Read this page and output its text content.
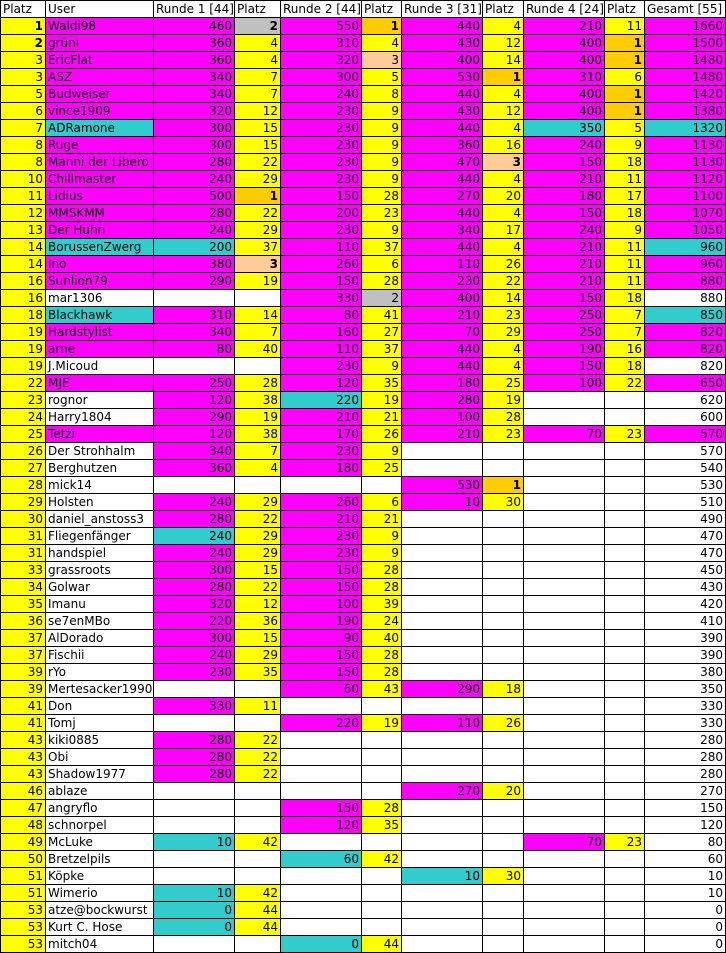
Platz	User	Runde 1 [44]	Platz	Runde 2 [44]	Platz	Runde 3 [31]	Platz	Runde 4 [24]	Platz	Gesamt [55]
1	Waldi98	460	2	550	1	440	4	210	11	1660
2	grüni	360	4	310	4	430	12	400	1	1500
3	EricFlat	360	4	320	3	400	14	400	1	1480
3	ASZ	340	7	300	5	530	1	310	6	1480
5	Budweiser	340	7	240	8	440	4	400	1	1420
6	vince1909	320	12	230	9	430	12	400	1	1380
7	ADRamone	300	15	230	9	440	4	350	5	1320
8	Ruge	300	15	230	9	360	16	240	9	1130
8	Manni der Libero	280	22	230	9	470	3	150	18	1130
10	Chillmaster	240	29	230	9	440	4	210	11	1120
11	Lidius	500	1	150	28	270	20	180	17	1100
12	MMSKMM	280	22	200	23	440	4	150	18	1070
13	Der Huhn	240	29	230	9	340	17	240	9	1050
14	BorussenZwerg	200	37	110	37	440	4	210	11	960
14	Ino	380	3	260	6	110	26	210	11	960
16	Sunlion79	290	19	150	28	230	22	210	11	880
16	mar1306			330	2	400	14	150	18	880
18	Blackhawk	310	14	80	41	210	23	250	7	850
19	Hardstylist	340	7	160	27	70	29	250	7	820
19	arne	80	40	110	37	440	4	190	16	820
19	J.Micoud			230	9	440	4	150	18	820
22	MJE	250	28	120	35	180	25	100	22	650
23	rognor	120	38	220	19	280	19			620
24	Harry1804	290	19	210	21	100	28			600
25	Tetzi	120	38	170	26	210	23	70	23	570
26	Der Strohhalm	340	7	230	9					570
27	Berghutzen	360	4	180	25					540
28	mick14					530	1			530
29	Holsten	240	29	260	6	10	30			510
30	daniel_anstoss3	280	22	210	21					490
31	Fliegenfänger	240	29	230	9					470
31	handspiel	240	29	230	9					470
33	grassroots	300	15	150	28					450
34	Golwar	280	22	150	28					430
35	Imanu	320	12	100	39					420
36	se7enMBo	220	36	190	24					410
37	AlDorado	300	15	90	40					390
37	Fischii	240	29	150	28					390
39	rYo	230	35	150	28					380
39	Mertesacker1990			60	43	290	18			350
41	Don	330	11							330
41	Tomj			220	19	110	26			330
43	kiki0885	280	22							280
43	Obi	280	22							280
43	Shadow1977	280	22							280
46	ablaze					270	20			270
47	angryflo			150	28					150
48	schnorpel			120	35					120
49	McLuke	10	42					70	23	80
50	Bretzelpils			60	42					60
51	Köpke					10	30			10
51	Wimerio	10	42							10
53	atze@bockwurst	0	44							0
53	Kurt C. Hose	0	44							0
53	mitch04			0	44					0
